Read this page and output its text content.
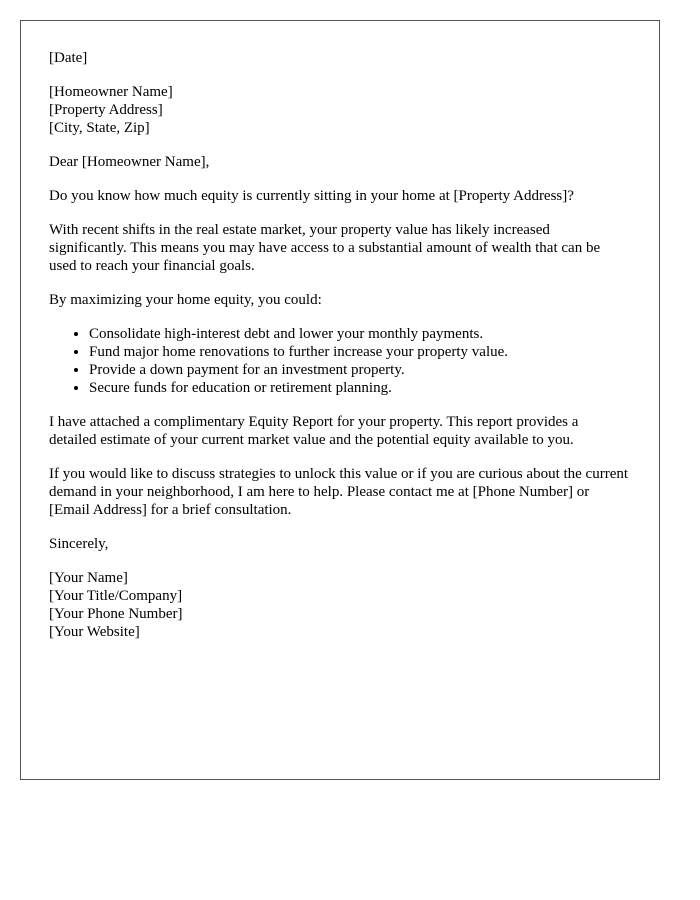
[Date]

[Homeowner Name]
[Property Address]
[City, State, Zip]

Dear [Homeowner Name],

Do you know how much equity is currently sitting in your home at [Property Address]?

With recent shifts in the real estate market, your property value has likely increased significantly. This means you may have access to a substantial amount of wealth that can be used to reach your financial goals.

By maximizing your home equity, you could:

• Consolidate high-interest debt and lower your monthly payments.
• Fund major home renovations to further increase your property value.
• Provide a down payment for an investment property.
• Secure funds for education or retirement planning.

I have attached a complimentary Equity Report for your property. This report provides a detailed estimate of your current market value and the potential equity available to you.

If you would like to discuss strategies to unlock this value or if you are curious about the current demand in your neighborhood, I am here to help. Please contact me at [Phone Number] or [Email Address] for a brief consultation.

Sincerely,

[Your Name]
[Your Title/Company]
[Your Phone Number]
[Your Website]
